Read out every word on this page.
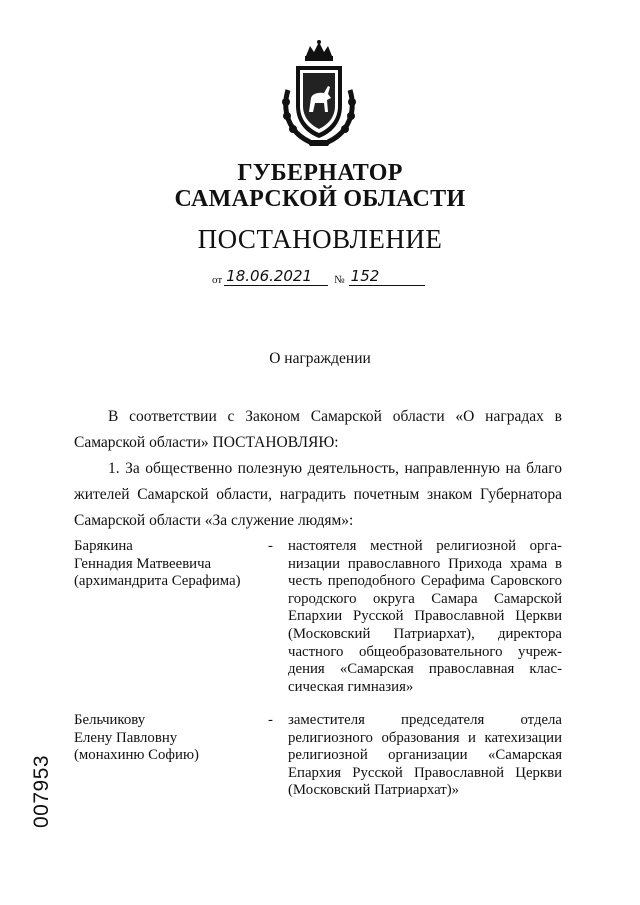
ГУБЕРНАТОР
САМАРСКОЙ ОБЛАСТИ
ПОСТАНОВЛЕНИЕ
от 18.06.2021 № 152
О награждении
В соответствии с Законом Самарской области «О наградах в Самарской области» ПОСТАНОВЛЯЮ:
1. За общественно полезную деятельность, направленную на благо жителей Самарской области, наградить почетным знаком Губернатора Самарской области «За служение людям»:
Барякина
Геннадия Матвеевича
(архимандрита Серафима)
- настоятеля местной религиозной орга-
низации православного Прихода храма в
честь преподобного Серафима Саровского
городского округа Самара Самарской
Епархии Русской Православной Церкви
(Московский Патриархат), директора
частного общеобразовательного учреж-
дения «Самарская православная клас-
сическая гимназия»
Бельчикову
Елену Павловну
(монахиню Софию)
- заместителя председателя отдела
религиозного образования и катехизации
религиозной организации «Самарская
Епархия Русской Православной Церкви
(Московский Патриархат)»
007953
